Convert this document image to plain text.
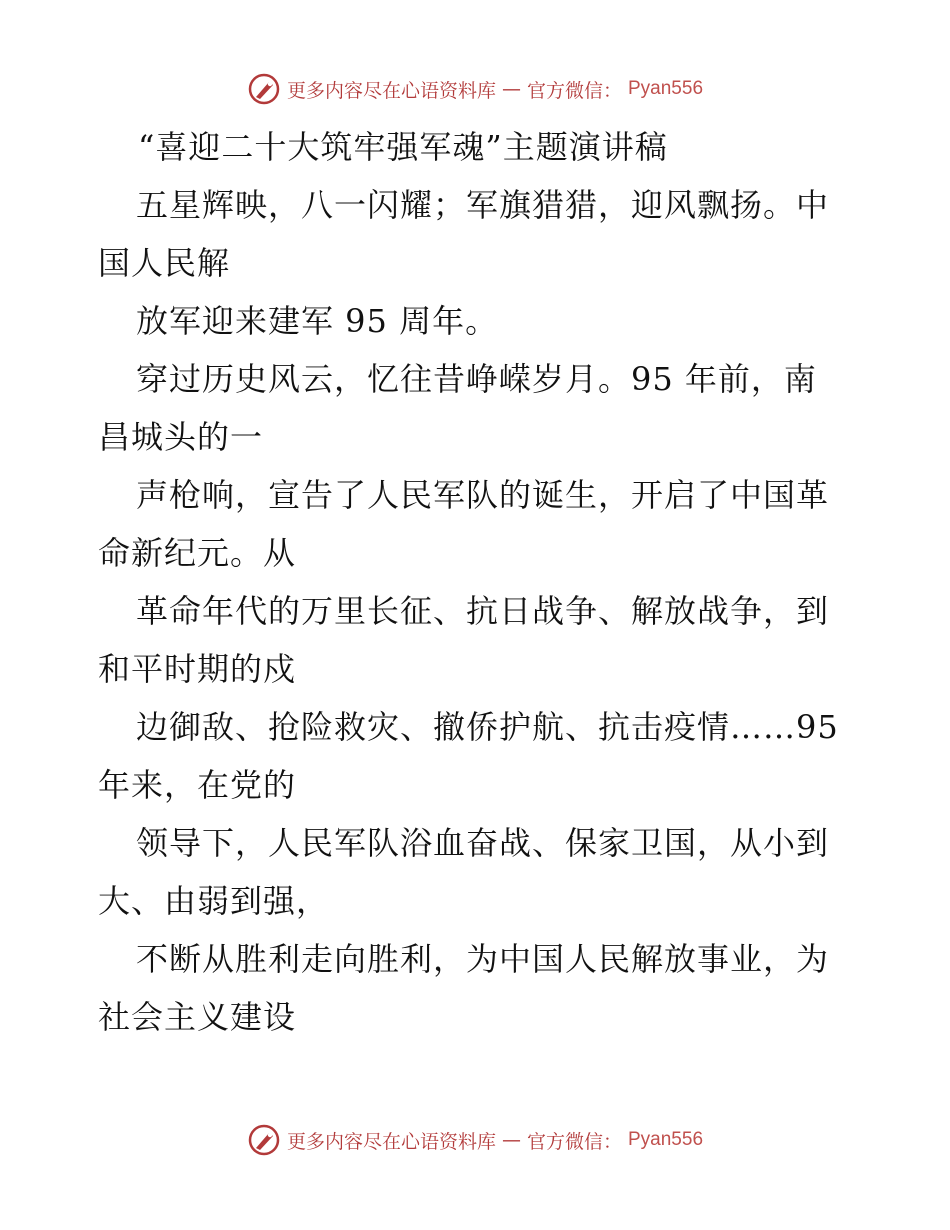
更多内容尽在心语资料库 — 官方微信： Pyan556
“喜迎二十大筑牢强军魂”主题演讲稿
五星辉映，八一闪耀；军旗猎猎，迎风飘扬。中
国人民解
放军迎来建军 95 周年。
穿过历史风云，忆往昔峥嵘岁月。95 年前，南
昌城头的一
声枪响，宣告了人民军队的诞生，开启了中国革
命新纪元。从
革命年代的万里长征、抗日战争、解放战争，到
和平时期的戍
边御敌、抢险救灾、撤侨护航、抗击疫情……95
年来，在党的
领导下，人民军队浴血奋战、保家卫国，从小到
大、由弱到强，
不断从胜利走向胜利，为中国人民解放事业，为
社会主义建设
更多内容尽在心语资料库 — 官方微信： Pyan556
